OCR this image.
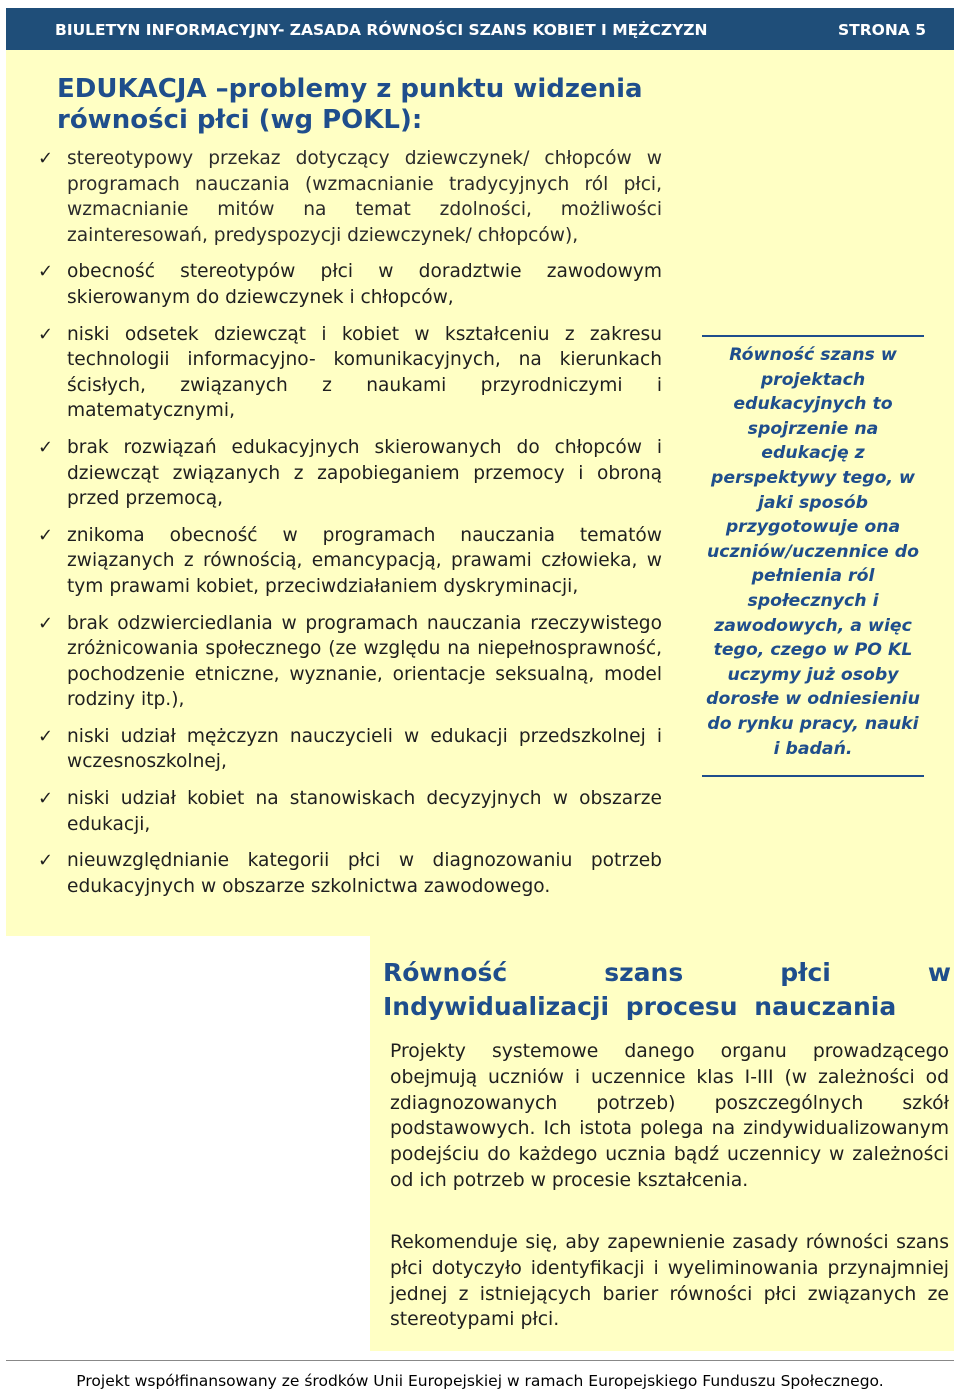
BIULETYN INFORMACYJNY- ZASADA RÓWNOŚCI SZANS KOBIET I MĘŻCZYZN	STRONA 5
EDUKACJA –problemy z punktu widzenia równości płci (wg POKL):
✓ stereotypowy przekaz dotyczący dziewczynek/ chłopców w programach nauczania (wzmacnianie tradycyjnych ról płci, wzmacnianie mitów na temat zdolności, możliwości zainteresowań, predyspozycji dziewczynek/ chłopców),
✓ obecność stereotypów płci w doradztwie zawodowym skierowanym do dziewczynek i chłopców,
✓ niski odsetek dziewcząt i kobiet w kształceniu z zakresu technologii informacyjno- komunikacyjnych, na kierunkach ścisłych, związanych z naukami przyrodniczymi i matematycznymi,
✓ brak rozwiązań edukacyjnych skierowanych do chłopców i dziewcząt związanych z zapobieganiem przemocy i obroną przed przemocą,
✓ znikoma obecność w programach nauczania tematów związanych z równością, emancypacją, prawami człowieka, w tym prawami kobiet, przeciwdziałaniem dyskryminacji,
✓ brak odzwierciedlania w programach nauczania rzeczywistego zróżnicowania społecznego (ze względu na niepełnosprawność, pochodzenie etniczne, wyznanie, orientacje seksualną, model rodziny itp.),
✓ niski udział mężczyzn nauczycieli w edukacji przedszkolnej i wczesnoszkolnej,
✓ niski udział kobiet na stanowiskach decyzyjnych w obszarze edukacji,
✓ nieuwzględnianie kategorii płci w diagnozowaniu potrzeb edukacyjnych w obszarze szkolnictwa zawodowego.
Równość szans w projektach edukacyjnych to spojrzenie na edukację z perspektywy tego, w jaki sposób przygotowuje ona uczniów/uczennice do pełnienia ról społecznych i zawodowych, a więc tego, czego w PO KL uczymy już osoby dorosłe w odniesieniu do rynku pracy, nauki i badań.
Równość szans płci w Indywidualizacji procesu nauczania

Projekty systemowe danego organu prowadzącego obejmują uczniów i uczennice klas I-III (w zależności od zdiagnozowanych potrzeb) poszczególnych szkół podstawowych. Ich istota polega na zindywidualizowanym podejściu do każdego ucznia bądź uczennicy w zależności od ich potrzeb w procesie kształcenia.

Rekomenduje się, aby zapewnienie zasady równości szans płci dotyczyło identyfikacji i wyeliminowania przynajmniej jednej z istniejących barier równości płci związanych ze stereotypami płci.

Projekt współfinansowany ze środków Unii Europejskiej w ramach Europejskiego Funduszu Społecznego.
